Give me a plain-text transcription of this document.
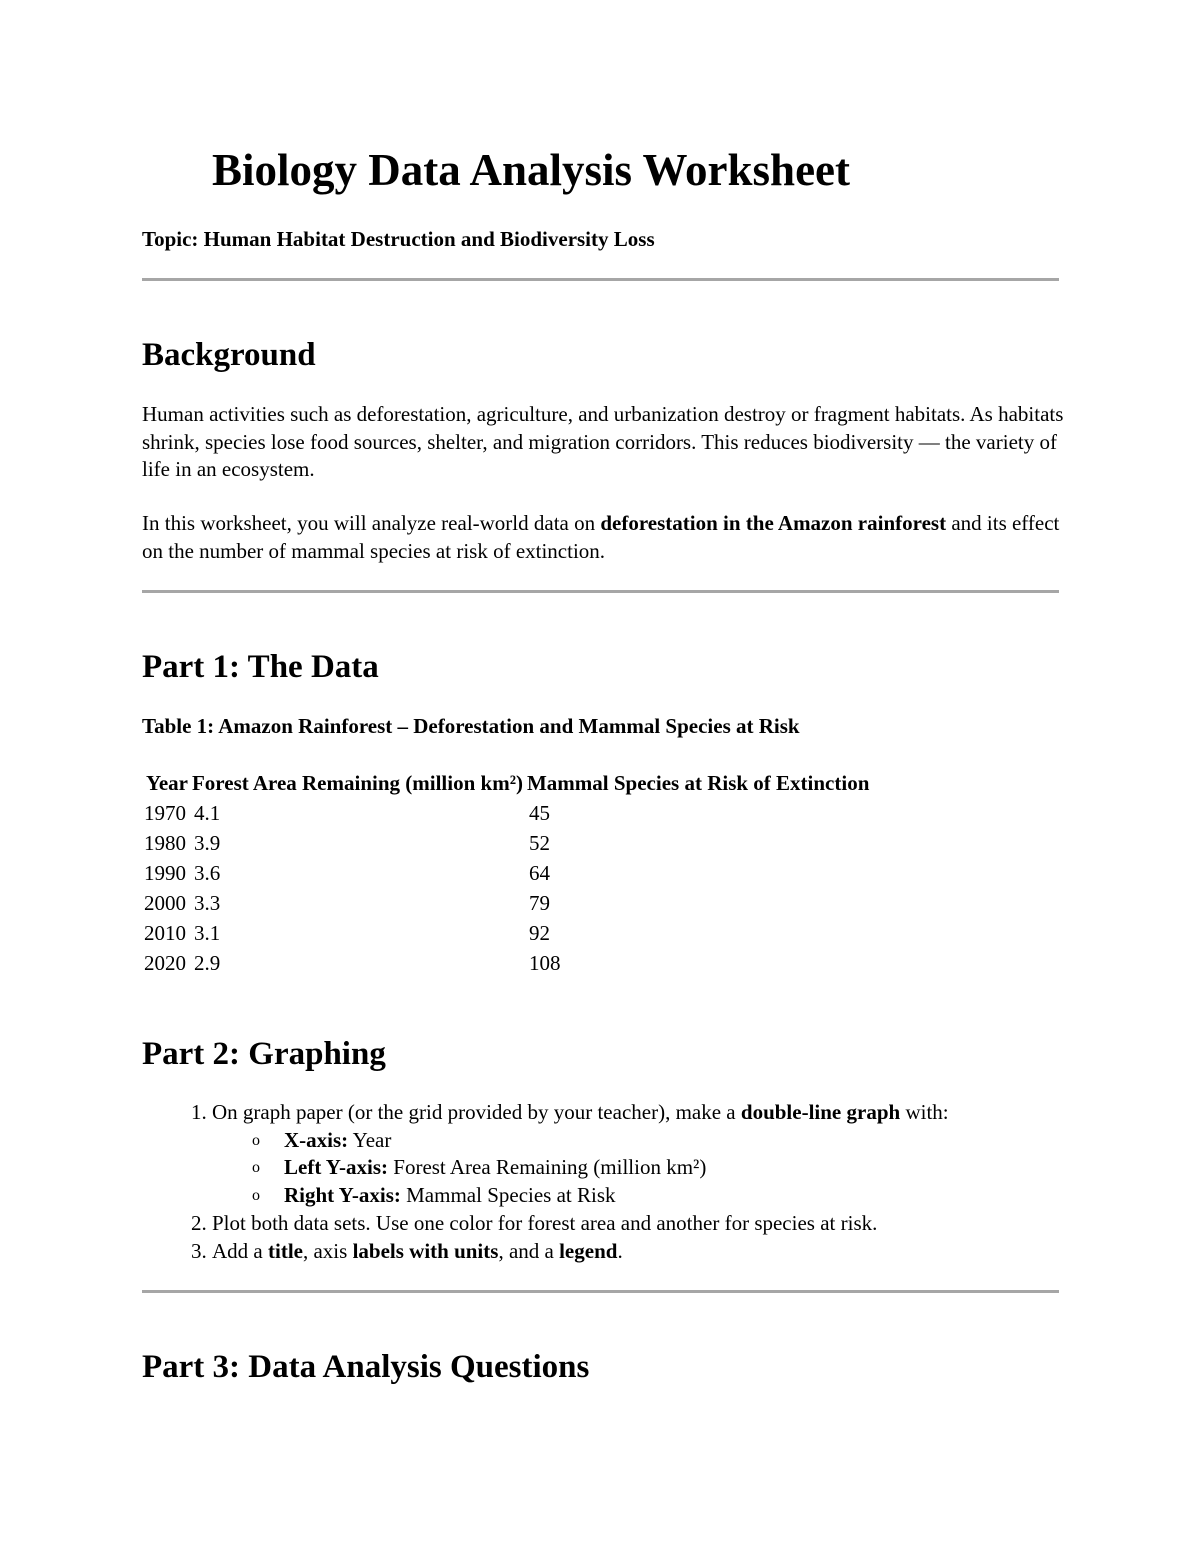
Biology Data Analysis Worksheet

Topic: Human Habitat Destruction and Biodiversity Loss

Background

Human activities such as deforestation, agriculture, and urbanization destroy or fragment habitats. As habitats shrink, species lose food sources, shelter, and migration corridors. This reduces biodiversity — the variety of life in an ecosystem.

In this worksheet, you will analyze real-world data on deforestation in the Amazon rainforest and its effect on the number of mammal species at risk of extinction.

Part 1: The Data

Table 1: Amazon Rainforest – Deforestation and Mammal Species at Risk

Year	Forest Area Remaining (million km²)	Mammal Species at Risk of Extinction
1970	4.1	45
1980	3.9	52
1990	3.6	64
2000	3.3	79
2010	3.1	92
2020	2.9	108
Part 2: Graphing
1. On graph paper (or the grid provided by your teacher), make a double-line graph with:
o X-axis: Year
o Left Y-axis: Forest Area Remaining (million km²)
o Right Y-axis: Mammal Species at Risk
2. Plot both data sets. Use one color for forest area and another for species at risk.
3. Add a title, axis labels with units, and a legend.
Part 3: Data Analysis Questions
